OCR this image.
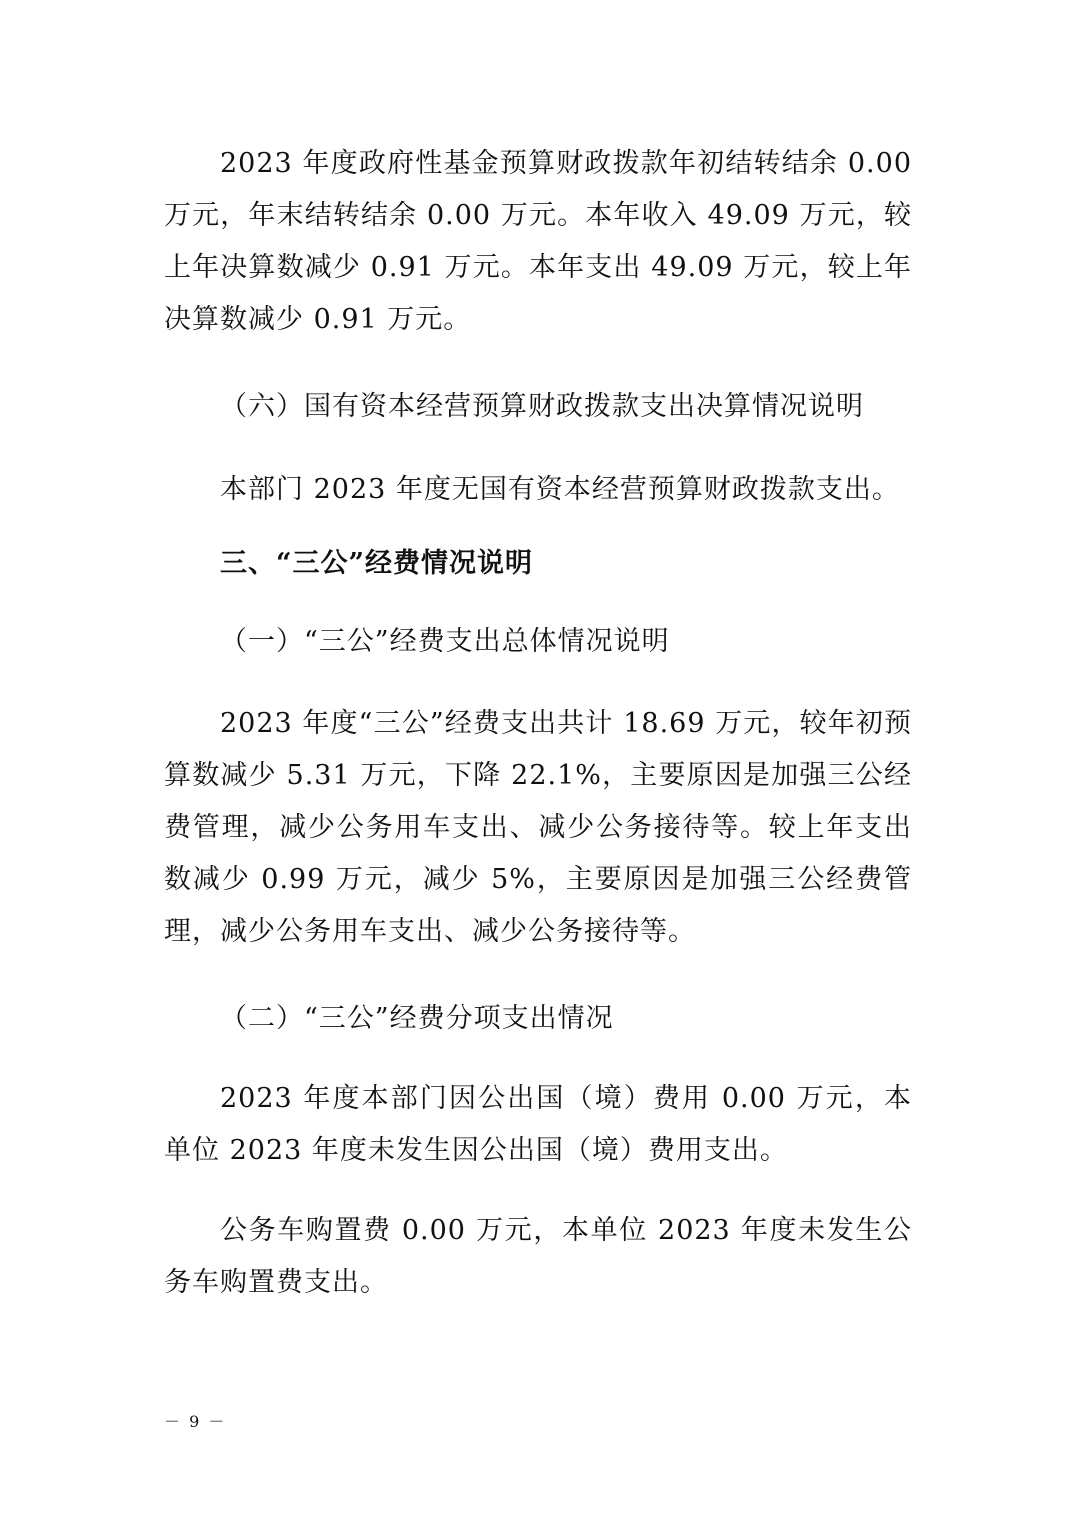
2023 年度政府性基金预算财政拨款年初结转结余 0.00 万元，年末结转结余 0.00 万元。本年收入 49.09 万元，较上年决算数减少 0.91 万元。本年支出 49.09 万元，较上年决算数减少 0.91 万元。

（六）国有资本经营预算财政拨款支出决算情况说明

本部门 2023 年度无国有资本经营预算财政拨款支出。

三、“三公”经费情况说明

（一）“三公”经费支出总体情况说明

2023 年度“三公”经费支出共计 18.69 万元，较年初预算数减少 5.31 万元，下降 22.1%，主要原因是加强三公经费管理，减少公务用车支出、减少公务接待等。较上年支出数减少 0.99 万元，减少 5%，主要原因是加强三公经费管理，减少公务用车支出、减少公务接待等。

（二）“三公”经费分项支出情况

2023 年度本部门因公出国（境）费用 0.00 万元，本单位 2023 年度未发生因公出国（境）费用支出。

公务车购置费 0.00 万元，本单位 2023 年度未发生公务车购置费支出。

－ 9 －
